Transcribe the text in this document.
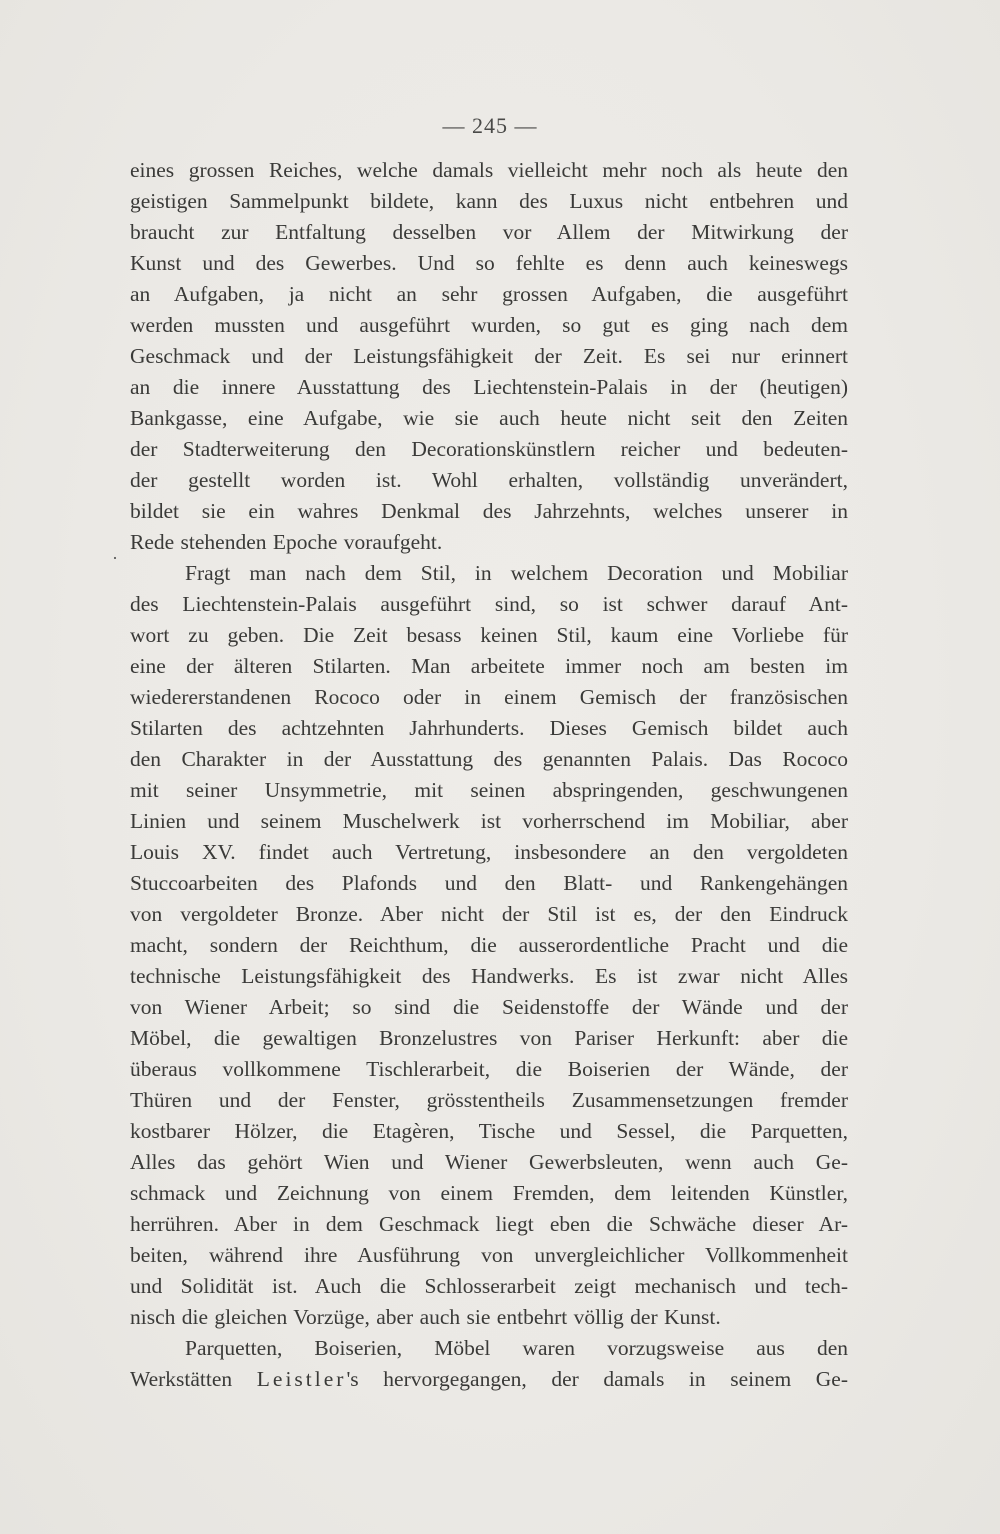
— 245 —
·
eines grossen Reiches, welche damals vielleicht mehr noch als heute den
geistigen Sammelpunkt bildete, kann des Luxus nicht entbehren und
braucht zur Entfaltung desselben vor Allem der Mitwirkung der
Kunst und des Gewerbes. Und so fehlte es denn auch keineswegs
an Aufgaben, ja nicht an sehr grossen Aufgaben, die ausgeführt
werden mussten und ausgeführt wurden, so gut es ging nach dem
Geschmack und der Leistungsfähigkeit der Zeit. Es sei nur erinnert
an die innere Ausstattung des Liechtenstein-Palais in der (heutigen)
Bankgasse, eine Aufgabe, wie sie auch heute nicht seit den Zeiten
der Stadterweiterung den Decorationskünstlern reicher und bedeuten-
der gestellt worden ist. Wohl erhalten, vollständig unverändert,
bildet sie ein wahres Denkmal des Jahrzehnts, welches unserer in
Rede stehenden Epoche voraufgeht.
Fragt man nach dem Stil, in welchem Decoration und Mobiliar
des Liechtenstein-Palais ausgeführt sind, so ist schwer darauf Ant-
wort zu geben. Die Zeit besass keinen Stil, kaum eine Vorliebe für
eine der älteren Stilarten. Man arbeitete immer noch am besten im
wiedererstandenen Rococo oder in einem Gemisch der französischen
Stilarten des achtzehnten Jahrhunderts. Dieses Gemisch bildet auch
den Charakter in der Ausstattung des genannten Palais. Das Rococo
mit seiner Unsymmetrie, mit seinen abspringenden, geschwungenen
Linien und seinem Muschelwerk ist vorherrschend im Mobiliar, aber
Louis XV. findet auch Vertretung, insbesondere an den vergoldeten
Stuccoarbeiten des Plafonds und den Blatt- und Rankengehängen
von vergoldeter Bronze. Aber nicht der Stil ist es, der den Eindruck
macht, sondern der Reichthum, die ausserordentliche Pracht und die
technische Leistungsfähigkeit des Handwerks. Es ist zwar nicht Alles
von Wiener Arbeit; so sind die Seidenstoffe der Wände und der
Möbel, die gewaltigen Bronzelustres von Pariser Herkunft: aber die
überaus vollkommene Tischlerarbeit, die Boiserien der Wände, der
Thüren und der Fenster, grösstentheils Zusammensetzungen fremder
kostbarer Hölzer, die Etagèren, Tische und Sessel, die Parquetten,
Alles das gehört Wien und Wiener Gewerbsleuten, wenn auch Ge-
schmack und Zeichnung von einem Fremden, dem leitenden Künstler,
herrühren. Aber in dem Geschmack liegt eben die Schwäche dieser Ar-
beiten, während ihre Ausführung von unvergleichlicher Vollkommenheit
und Solidität ist. Auch die Schlosserarbeit zeigt mechanisch und tech-
nisch die gleichen Vorzüge, aber auch sie entbehrt völlig der Kunst.
Parquetten, Boiserien, Möbel waren vorzugsweise aus den
Werkstätten Leistler's hervorgegangen, der damals in seinem Ge-
